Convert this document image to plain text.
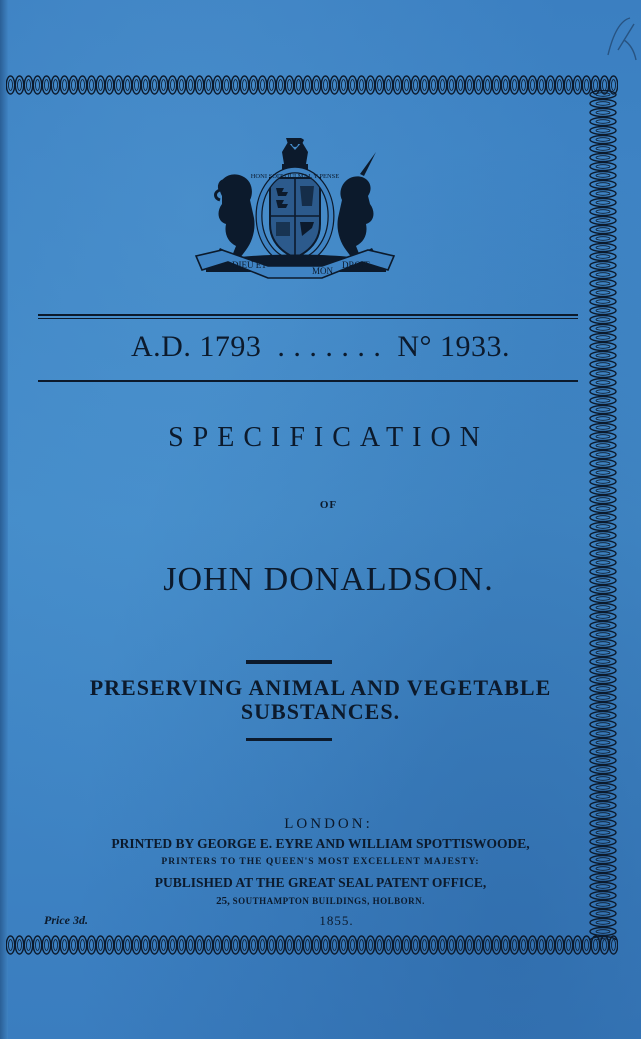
HONI SOIT QUI MAL Y PENSE
DIEU ET
MON
DROIT
A.D. 1793 . . . . . . . N° 1933.
SPECIFICATION
OF
JOHN DONALDSON.
PRESERVING ANIMAL AND VEGETABLE
SUBSTANCES.
LONDON:
PRINTED BY GEORGE E. EYRE AND WILLIAM SPOTTISWOODE,
PRINTERS TO THE QUEEN'S MOST EXCELLENT MAJESTY:
PUBLISHED AT THE GREAT SEAL PATENT OFFICE,
25, SOUTHAMPTON BUILDINGS, HOLBORN.
Price 3d.	1855.
